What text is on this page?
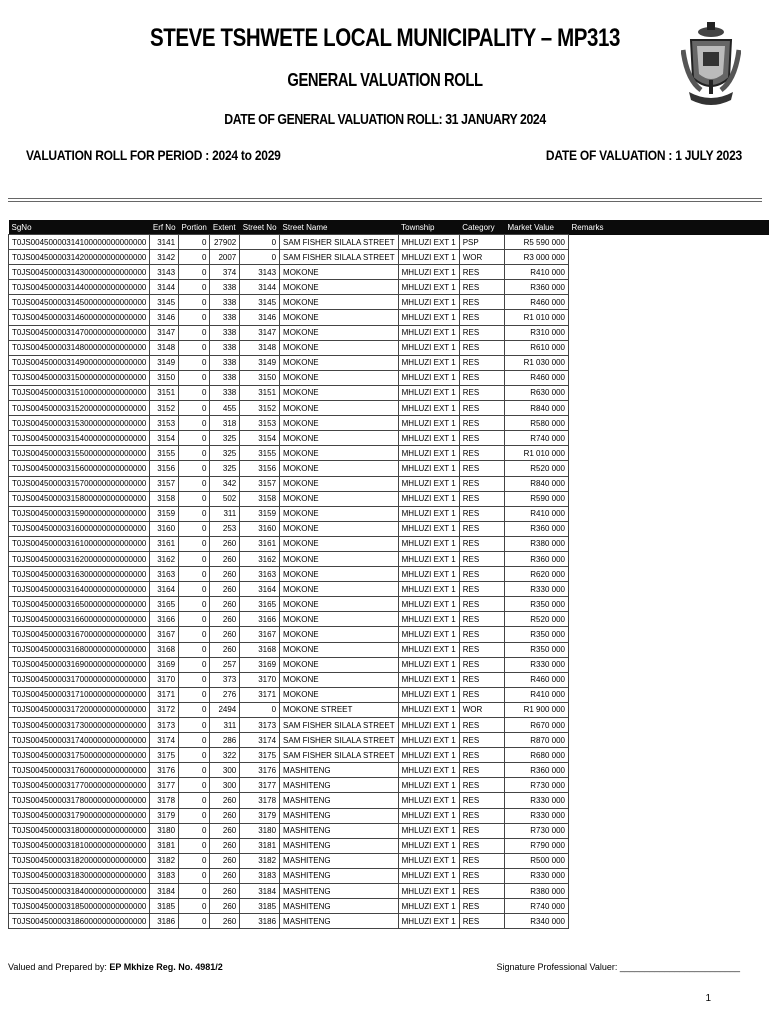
STEVE TSHWETE LOCAL MUNICIPALITY – MP313
GENERAL VALUATION ROLL
DATE OF GENERAL VALUATION ROLL: 31 JANUARY 2024
VALUATION ROLL FOR PERIOD : 2024 to 2029	DATE OF VALUATION : 1 JULY 2023
SgNo	Erf No	Portion	Extent	Street No	Street Name	Township	Category	Market Value	Remarks
T0JS00450000314100000000000000	3141	0	27902	0	SAM FISHER SILALA STREET	MHLUZI EXT 1	PSP	R5 590 000	
T0JS00450000314200000000000000	3142	0	2007	0	SAM FISHER SILALA STREET	MHLUZI EXT 1	WOR	R3 000 000	
T0JS00450000314300000000000000	3143	0	374	3143	MOKONE	MHLUZI EXT 1	RES	R410 000	
T0JS00450000314400000000000000	3144	0	338	3144	MOKONE	MHLUZI EXT 1	RES	R360 000	
T0JS00450000314500000000000000	3145	0	338	3145	MOKONE	MHLUZI EXT 1	RES	R460 000	
T0JS00450000314600000000000000	3146	0	338	3146	MOKONE	MHLUZI EXT 1	RES	R1 010 000	
T0JS00450000314700000000000000	3147	0	338	3147	MOKONE	MHLUZI EXT 1	RES	R310 000	
T0JS00450000314800000000000000	3148	0	338	3148	MOKONE	MHLUZI EXT 1	RES	R610 000	
T0JS00450000314900000000000000	3149	0	338	3149	MOKONE	MHLUZI EXT 1	RES	R1 030 000	
T0JS00450000315000000000000000	3150	0	338	3150	MOKONE	MHLUZI EXT 1	RES	R460 000	
T0JS00450000315100000000000000	3151	0	338	3151	MOKONE	MHLUZI EXT 1	RES	R630 000	
T0JS00450000315200000000000000	3152	0	455	3152	MOKONE	MHLUZI EXT 1	RES	R840 000	
T0JS00450000315300000000000000	3153	0	318	3153	MOKONE	MHLUZI EXT 1	RES	R580 000	
T0JS00450000315400000000000000	3154	0	325	3154	MOKONE	MHLUZI EXT 1	RES	R740 000	
T0JS00450000315500000000000000	3155	0	325	3155	MOKONE	MHLUZI EXT 1	RES	R1 010 000	
T0JS00450000315600000000000000	3156	0	325	3156	MOKONE	MHLUZI EXT 1	RES	R520 000	
T0JS00450000315700000000000000	3157	0	342	3157	MOKONE	MHLUZI EXT 1	RES	R840 000	
T0JS00450000315800000000000000	3158	0	502	3158	MOKONE	MHLUZI EXT 1	RES	R590 000	
T0JS00450000315900000000000000	3159	0	311	3159	MOKONE	MHLUZI EXT 1	RES	R410 000	
T0JS00450000316000000000000000	3160	0	253	3160	MOKONE	MHLUZI EXT 1	RES	R360 000	
T0JS00450000316100000000000000	3161	0	260	3161	MOKONE	MHLUZI EXT 1	RES	R380 000	
T0JS00450000316200000000000000	3162	0	260	3162	MOKONE	MHLUZI EXT 1	RES	R360 000	
T0JS00450000316300000000000000	3163	0	260	3163	MOKONE	MHLUZI EXT 1	RES	R620 000	
T0JS00450000316400000000000000	3164	0	260	3164	MOKONE	MHLUZI EXT 1	RES	R330 000	
T0JS00450000316500000000000000	3165	0	260	3165	MOKONE	MHLUZI EXT 1	RES	R350 000	
T0JS00450000316600000000000000	3166	0	260	3166	MOKONE	MHLUZI EXT 1	RES	R520 000	
T0JS00450000316700000000000000	3167	0	260	3167	MOKONE	MHLUZI EXT 1	RES	R350 000	
T0JS00450000316800000000000000	3168	0	260	3168	MOKONE	MHLUZI EXT 1	RES	R350 000	
T0JS00450000316900000000000000	3169	0	257	3169	MOKONE	MHLUZI EXT 1	RES	R330 000	
T0JS00450000317000000000000000	3170	0	373	3170	MOKONE	MHLUZI EXT 1	RES	R460 000	
T0JS00450000317100000000000000	3171	0	276	3171	MOKONE	MHLUZI EXT 1	RES	R410 000	
T0JS00450000317200000000000000	3172	0	2494	0	MOKONE STREET	MHLUZI EXT 1	WOR	R1 900 000	
T0JS00450000317300000000000000	3173	0	311	3173	SAM FISHER SILALA STREET	MHLUZI EXT 1	RES	R670 000	
T0JS00450000317400000000000000	3174	0	286	3174	SAM FISHER SILALA STREET	MHLUZI EXT 1	RES	R870 000	
T0JS00450000317500000000000000	3175	0	322	3175	SAM FISHER SILALA STREET	MHLUZI EXT 1	RES	R680 000	
T0JS00450000317600000000000000	3176	0	300	3176	MASHITENG	MHLUZI EXT 1	RES	R360 000	
T0JS00450000317700000000000000	3177	0	300	3177	MASHITENG	MHLUZI EXT 1	RES	R730 000	
T0JS00450000317800000000000000	3178	0	260	3178	MASHITENG	MHLUZI EXT 1	RES	R330 000	
T0JS00450000317900000000000000	3179	0	260	3179	MASHITENG	MHLUZI EXT 1	RES	R330 000	
T0JS00450000318000000000000000	3180	0	260	3180	MASHITENG	MHLUZI EXT 1	RES	R730 000	
T0JS00450000318100000000000000	3181	0	260	3181	MASHITENG	MHLUZI EXT 1	RES	R790 000	
T0JS00450000318200000000000000	3182	0	260	3182	MASHITENG	MHLUZI EXT 1	RES	R500 000	
T0JS00450000318300000000000000	3183	0	260	3183	MASHITENG	MHLUZI EXT 1	RES	R330 000	
T0JS00450000318400000000000000	3184	0	260	3184	MASHITENG	MHLUZI EXT 1	RES	R380 000	
T0JS00450000318500000000000000	3185	0	260	3185	MASHITENG	MHLUZI EXT 1	RES	R740 000	
T0JS00450000318600000000000000	3186	0	260	3186	MASHITENG	MHLUZI EXT 1	RES	R340 000	
Valued and Prepared by: EP Mkhize Reg. No. 4981/2	Signature Professional Valuer: ________________________
1
